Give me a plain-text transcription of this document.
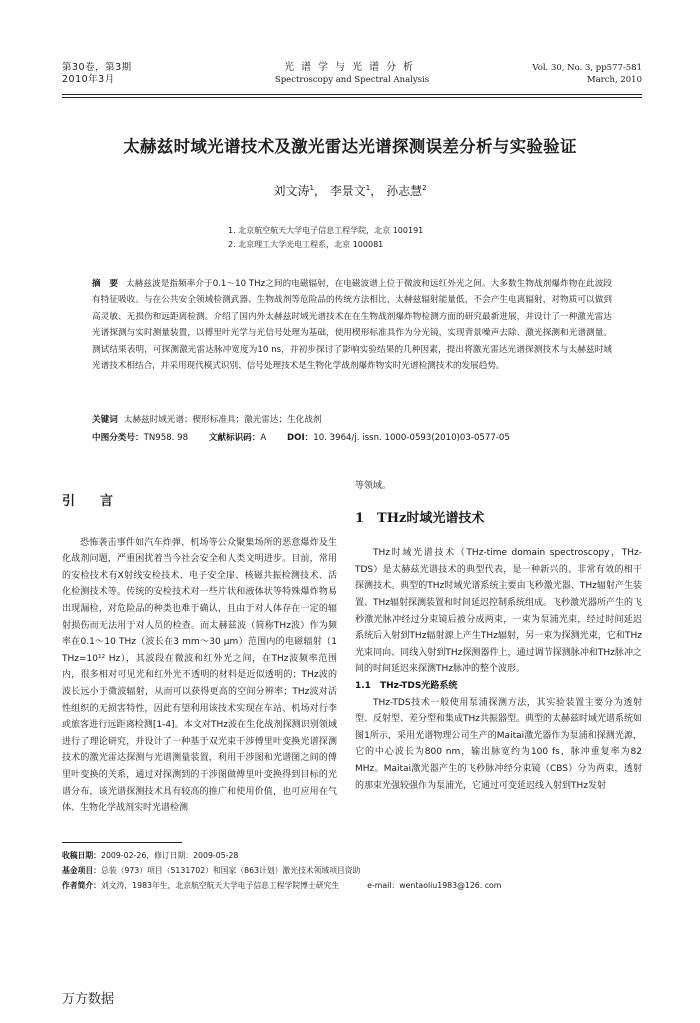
第30卷，第3期
2010年3月
光谱学与光谱分析
Spectroscopy and Spectral Analysis
Vol. 30, No. 3, pp577-581
March, 2010
太赫兹时域光谱技术及激光雷达光谱探测误差分析与实验验证
刘文涛$^1$， 李景文$^1$， 孙志慧$^2$
1. 北京航空航天大学电子信息工程学院，北京 100191
2. 北京理工大学光电工程系，北京 100081
摘　要 太赫兹波是指频率介于0.1～10 THz之间的电磁辐射，在电磁波谱上位于微波和远红外光之间。大多数生物战剂爆炸物在此波段有特征吸收。与在公共安全领域检测武器、生物战剂等危险品的传统方法相比，太赫兹辐射能量低，不会产生电离辐射，对物质可以做到高灵敏、无损伤和远距离检测。介绍了国内外太赫兹时域光谱技术在在生物战剂爆炸物检测方面的研究最新进展，并设计了一种激光雷达光谱探测与实时测量装置，以傅里叶光学与光信号处理为基础，使用楔形标准具作为分光镜，实现背景噪声去除、激光探测和光谱测量。测试结果表明，可探测激光雷达脉冲宽度为10 ns，并初步探讨了影响实验结果的几种因素，提出将激光雷达光谱探测技术与太赫兹时域光谱技术相结合，并采用现代模式识别、信号处理技术是生物化学战剂爆炸物实时光谱检测技术的发展趋势。
关键词 太赫兹时域光谱；楔形标准具；激光雷达；生化战剂
中图分类号：TN958. 98 文献标识码：A DOI：10. 3964/j. issn. 1000-0593(2010)03-0577-05
引　言

恐怖袭击事件如汽车炸弹、机场等公众聚集场所的恶意爆炸及生化战剂问题，严重困扰着当今社会安全和人类文明进步。目前，常用的安检技术有X射线安检技术、电子安全扉、核磁共振检测技术、活化检测技术等。传统的安检技术对一些片状和液体状等特殊爆炸物易出现漏检，对危险品的种类也难于确认，且由于对人体存在一定的辐射损伤而无法用于对人员的检查。而太赫兹波（简称THz波）作为频率在0.1～10 THz（波长在3 mm～30 μm）范围内的电磁辐射（1 THz=10¹² Hz），其波段在微波和红外光之间，在THz波频率范围内，很多相对可见光和红外光不透明的材料是近似透明的；THz波的波长远小于微波辐射，从而可以获得更高的空间分辨率；THz波对活性组织的无损害特性，因此有望利用该技术实现在车站、机场对行李或旅客进行远距离检测[1-4]。本文对THz波在生化战剂探测识别领域进行了理论研究，并设计了一种基于双光束干涉傅里叶变换光谱探测技术的激光雷达探测与光谱测量装置，利用干涉图和光谱图之间的傅里叶变换的关系，通过对探测到的干涉图做傅里叶变换得到目标的光谱分布，该光谱探测技术具有较高的推广和使用价值，也可应用在气体、生物化学战剂实时光谱检测

等领域。

1　THz时域光谱技术

THz时域光谱技术（THz-time domain spectroscopy，THz-TDS）是太赫兹光谱技术的典型代表，是一种新兴的、非常有效的相干探测技术。典型的THz时域光谱系统主要由飞秒激光器、THz辐射产生装置、THz辐射探测装置和时间延迟控制系统组成。飞秒激光器所产生的飞秒激光脉冲经过分束镜后被分成两束，一束为泵浦光束，经过时间延迟系统后入射到THz辐射源上产生THz辐射，另一束为探测光束，它和THz光束同向、同线入射到THz探测器件上，通过调节探测脉冲和THz脉冲之间的时间延迟来探测THz脉冲的整个波形。

1.1　THz-TDS光路系统

THz-TDS技术一般使用泵浦探测方法，其实验装置主要分为透射型、反射型、差分型和集成THz共振器型。典型的太赫兹时域光谱系统如图1所示，采用光谱物理公司生产的Maitai激光器作为泵浦和探测光源，它的中心波长为800 nm，输出脉宽约为100 fs，脉冲重复率为82 MHz。Maitai激光器产生的飞秒脉冲经分束镜（CBS）分为两束，透射的那束光强较强作为泵浦光，它通过可变延迟线入射到THz发射

收稿日期：2009-02-26，修订日期：2009-05-28
基金项目：总装（973）项目（5131702）和国家（863计划）激光技术领域项目资助
作者简介：刘文涛，1983年生，北京航空航天大学电子信息工程学院博士研究生	e-mail：wentaoliu1983@126. com
万方数据
